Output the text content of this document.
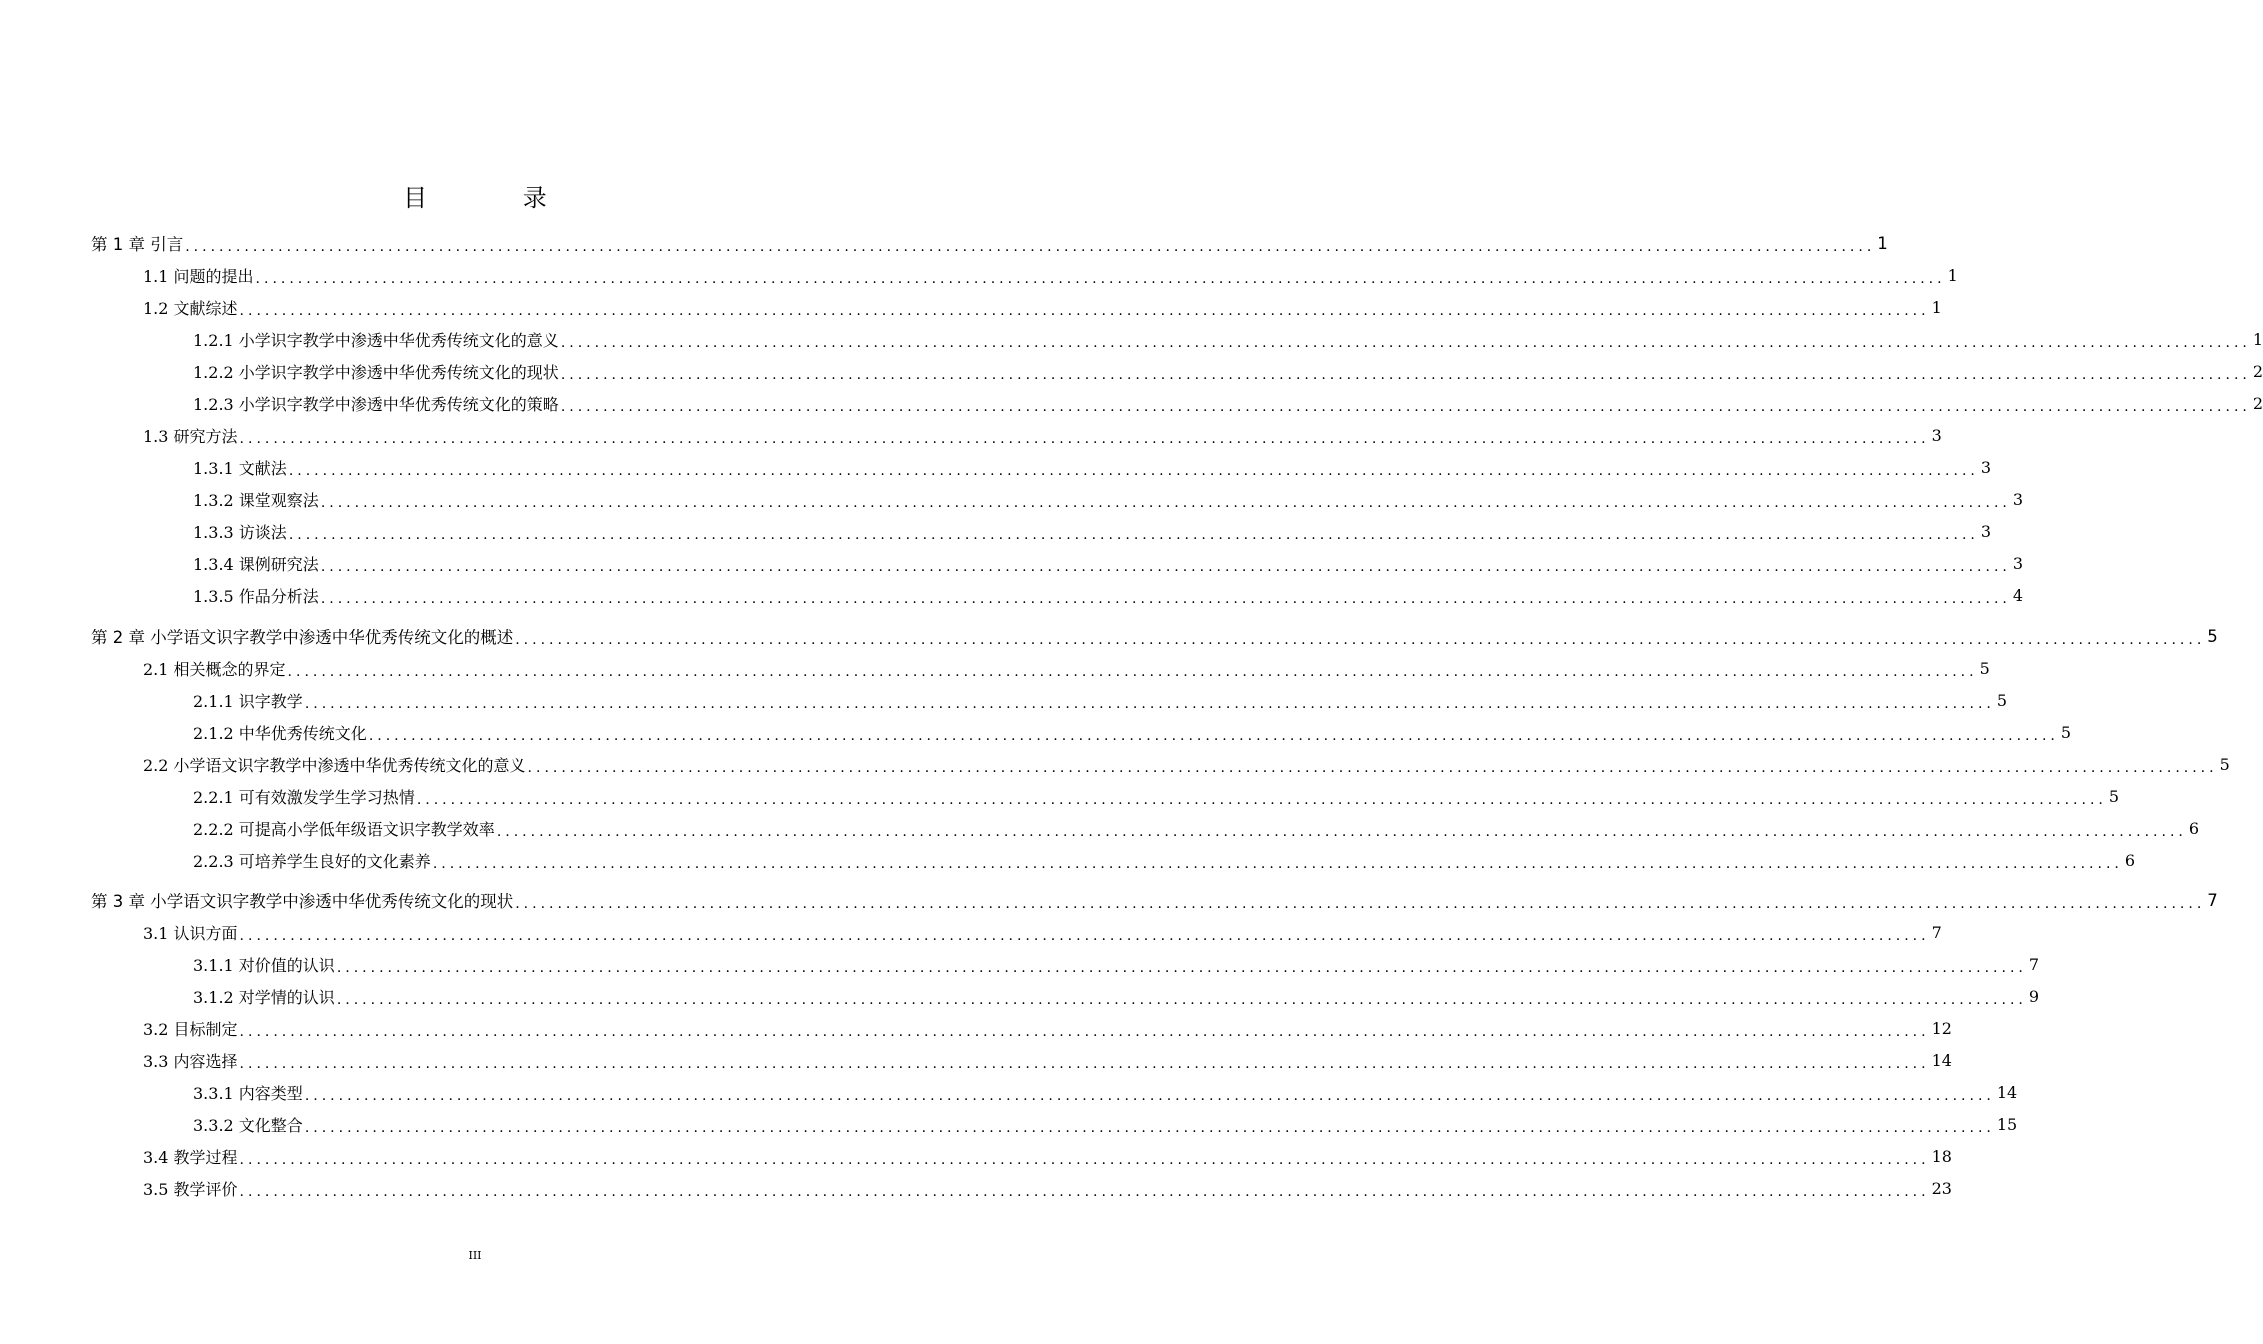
目 录
第 1 章 引言 ........................................................................................................................................................................................................ 1
1.1 问题的提出 ........................................................................................................................................................................................................ 1
1.2 文献综述 ........................................................................................................................................................................................................ 1
1.2.1 小学识字教学中渗透中华优秀传统文化的意义 ........................................................................................................................................................................................................ 1
1.2.2 小学识字教学中渗透中华优秀传统文化的现状 ........................................................................................................................................................................................................ 2
1.2.3 小学识字教学中渗透中华优秀传统文化的策略 ........................................................................................................................................................................................................ 2
1.3 研究方法 ........................................................................................................................................................................................................ 3
1.3.1 文献法 ........................................................................................................................................................................................................ 3
1.3.2 课堂观察法 ........................................................................................................................................................................................................ 3
1.3.3 访谈法 ........................................................................................................................................................................................................ 3
1.3.4 课例研究法 ........................................................................................................................................................................................................ 3
1.3.5 作品分析法 ........................................................................................................................................................................................................ 4
第 2 章 小学语文识字教学中渗透中华优秀传统文化的概述 ........................................................................................................................................................................................................ 5
2.1 相关概念的界定 ........................................................................................................................................................................................................ 5
2.1.1 识字教学 ........................................................................................................................................................................................................ 5
2.1.2 中华优秀传统文化 ........................................................................................................................................................................................................ 5
2.2 小学语文识字教学中渗透中华优秀传统文化的意义 ........................................................................................................................................................................................................ 5
2.2.1 可有效激发学生学习热情 ........................................................................................................................................................................................................ 5
2.2.2 可提高小学低年级语文识字教学效率 ........................................................................................................................................................................................................ 6
2.2.3 可培养学生良好的文化素养 ........................................................................................................................................................................................................ 6
第 3 章 小学语文识字教学中渗透中华优秀传统文化的现状 ........................................................................................................................................................................................................ 7
3.1 认识方面 ........................................................................................................................................................................................................ 7
3.1.1 对价值的认识 ........................................................................................................................................................................................................ 7
3.1.2 对学情的认识 ........................................................................................................................................................................................................ 9
3.2 目标制定 ........................................................................................................................................................................................................ 12
3.3 内容选择 ........................................................................................................................................................................................................ 14
3.3.1 内容类型 ........................................................................................................................................................................................................ 14
3.3.2 文化整合 ........................................................................................................................................................................................................ 15
3.4 教学过程 ........................................................................................................................................................................................................ 18
3.5 教学评价 ........................................................................................................................................................................................................ 23
III
